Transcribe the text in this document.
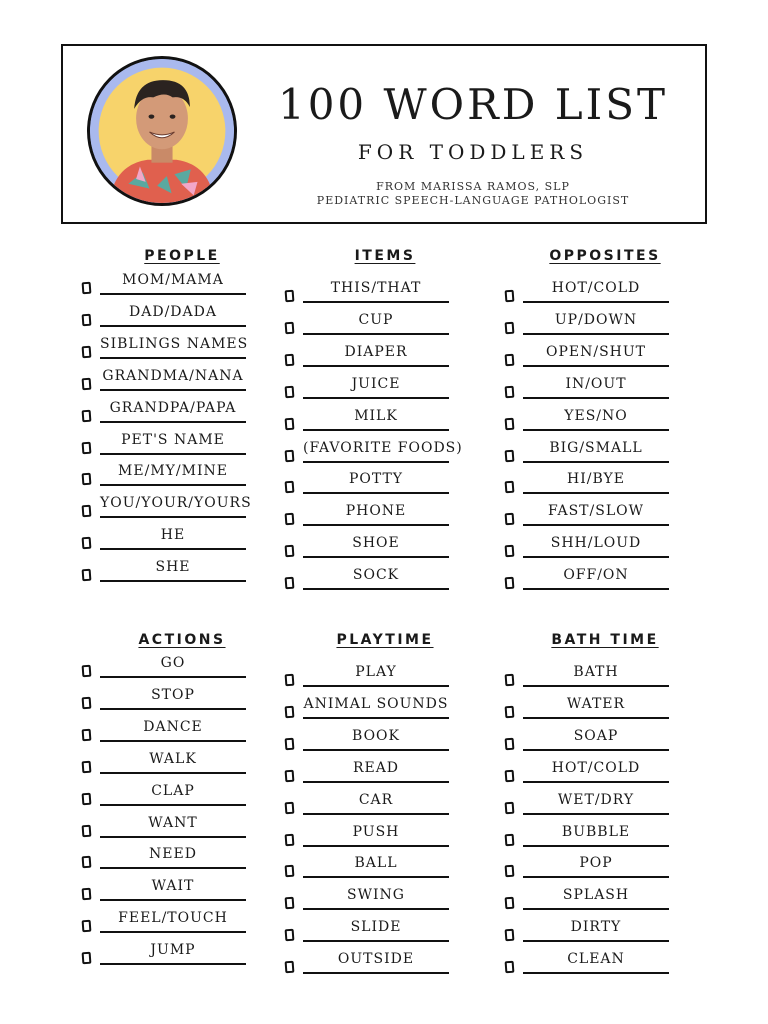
100 WORD LIST
FOR TODDLERS
FROM MARISSA RAMOS, SLP
PEDIATRIC SPEECH-LANGUAGE PATHOLOGIST
PEOPLE
MOM/MAMA
DAD/DADA
SIBLINGS NAMES
GRANDMA/NANA
GRANDPA/PAPA
PET'S NAME
ME/MY/MINE
YOU/YOUR/YOURS
HE
SHE
ITEMS
THIS/THAT
CUP
DIAPER
JUICE
MILK
(FAVORITE FOODS)
POTTY
PHONE
SHOE
SOCK
OPPOSITES
HOT/COLD
UP/DOWN
OPEN/SHUT
IN/OUT
YES/NO
BIG/SMALL
HI/BYE
FAST/SLOW
SHH/LOUD
OFF/ON
ACTIONS
GO
STOP
DANCE
WALK
CLAP
WANT
NEED
WAIT
FEEL/TOUCH
JUMP
PLAYTIME
PLAY
ANIMAL SOUNDS
BOOK
READ
CAR
PUSH
BALL
SWING
SLIDE
OUTSIDE
BATH TIME
BATH
WATER
SOAP
HOT/COLD
WET/DRY
BUBBLE
POP
SPLASH
DIRTY
CLEAN
